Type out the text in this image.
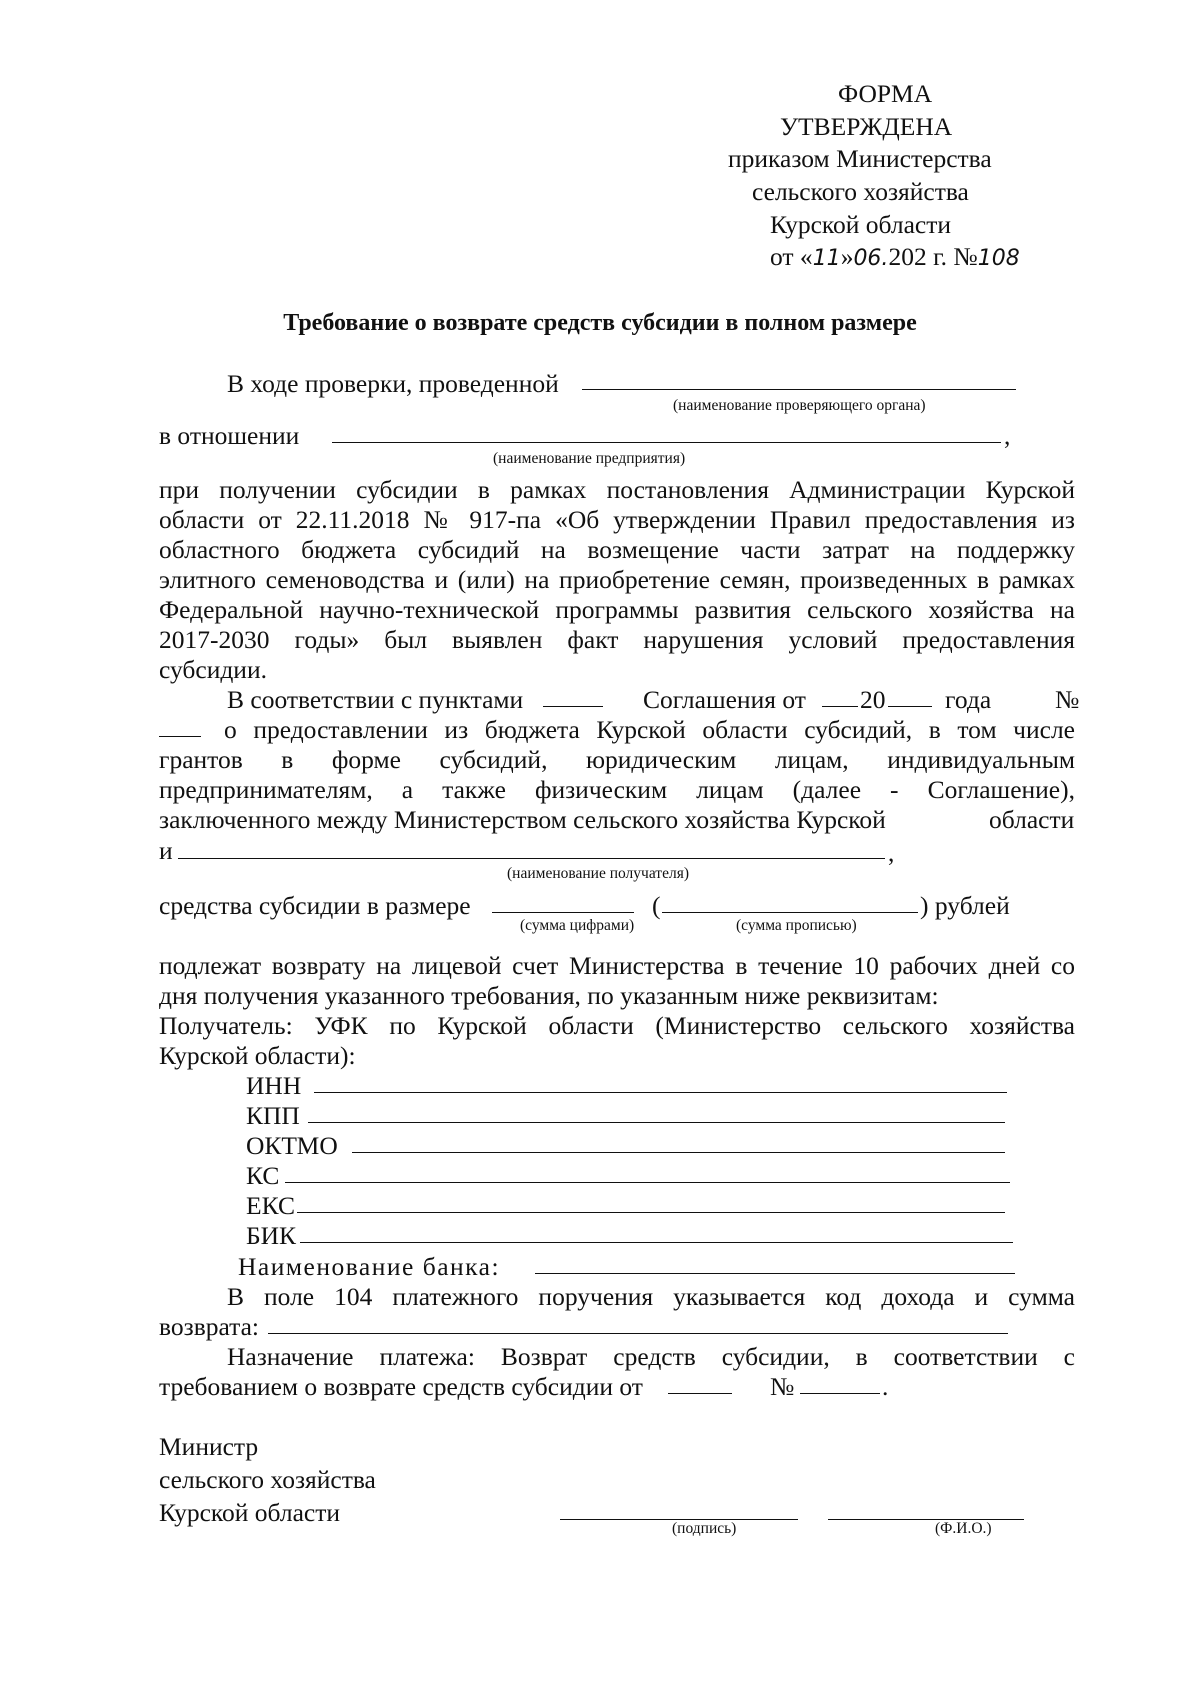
ФОРМА
УТВЕРЖДЕНА
приказом Министерства
сельского хозяйства
Курской области
от «11»06.202 г. №108
Требование о возврате средств субсидии в полном размере
В ходе проверки, проведенной
(наименование проверяющего органа)
в отношении	,
(наименование предприятия)
при получении субсидии в рамках постановления Администрации Курской
области от 22.11.2018 № 917-па «Об утверждении Правил предоставления из
областного бюджета субсидий на возмещение части затрат на поддержку
элитного семеноводства и (или) на приобретение семян, произведенных в рамках
Федеральной научно-технической программы развития сельского хозяйства на
2017-2030 годы» был выявлен факт нарушения условий предоставления
субсидии.
В соответствии с пунктами	Соглашения от 20 года	№
о предоставлении из бюджета Курской области субсидий, в том числе
грантов в форме субсидий, юридическим лицам, индивидуальным
предпринимателям, а также физическим лицам (далее - Соглашение),
заключенного между Министерством сельского хозяйства Курской	области
и	,
(наименование получателя)
средства субсидии в размере	(	) рублей
(сумма цифрами)	(сумма прописью)
подлежат возврату на лицевой счет Министерства в течение 10 рабочих дней со
дня получения указанного требования, по указанным ниже реквизитам:
Получатель: УФК по Курской области (Министерство сельского хозяйства
Курской области):
ИНН
КПП
ОКТМО
КС
ЕКС
БИК
Наименование банка:
В поле 104 платежного поручения указывается код дохода и сумма
возврата:
Назначение платежа: Возврат средств субсидии, в соответствии с
требованием о возврате средств субсидии от	№	.
Министр
сельского хозяйства
Курской области
(подпись)	(Ф.И.О.)
